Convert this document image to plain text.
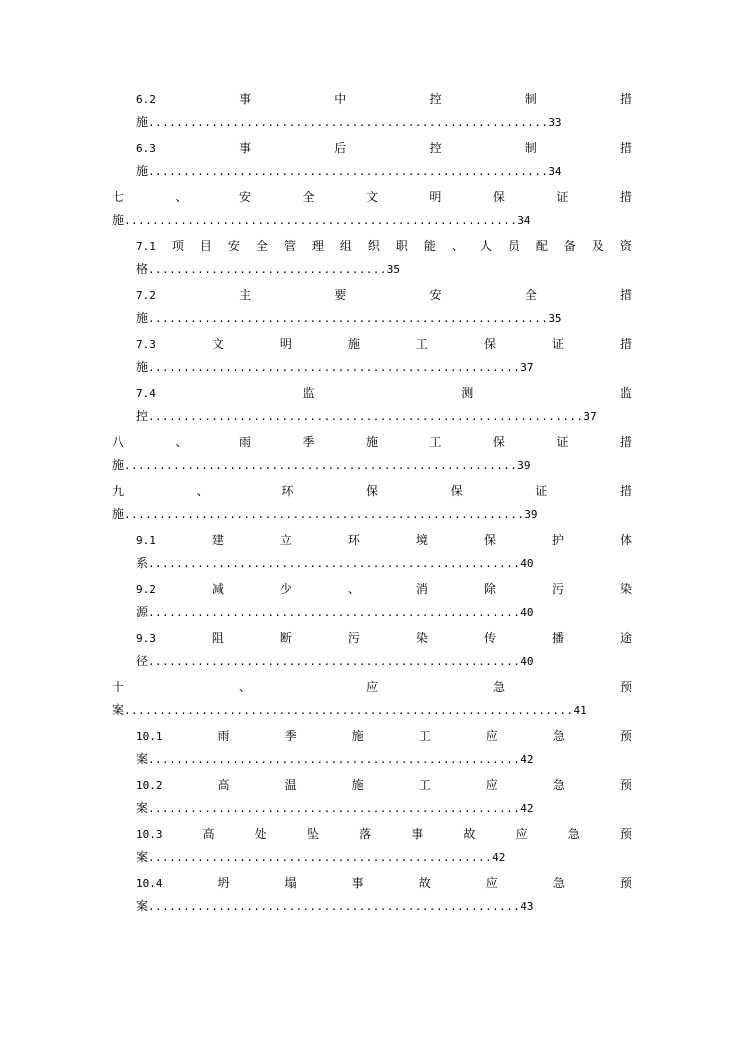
6.2	事	中	控	制	措
施.........................................................33
6.3	事	后	控	制	措
施.........................................................34
七	、	安	全	文	明	保	证	措
施........................................................34
7.1 项 目 安 全 管 理 组 织 职 能 、 人 员 配 备 及 资
格..................................35
7.2	主	要	安	全	措
施.........................................................35
7.3	文	明	施	工	保	证	措
施.....................................................37
7.4	监	测	监
控..............................................................37
八	、	雨	季	施	工	保	证	措
施........................................................39
九	、	环	保	保	证	措
施.........................................................39
9.1	建	立	环	境	保	护	体
系.....................................................40
9.2	减	少	、	消	除	污	染
源.....................................................40
9.3	阻	断	污	染	传	播	途
径.....................................................40
十	、	应	急	预
案................................................................41
10.1	雨	季	施	工	应	急	预
案.....................................................42
10.2	高	温	施	工	应	急	预
案.....................................................42
10.3	高	处	坠	落	事	故	应	急	预
案.................................................42
10.4	坍	塌	事	故	应	急	预
案.....................................................43
